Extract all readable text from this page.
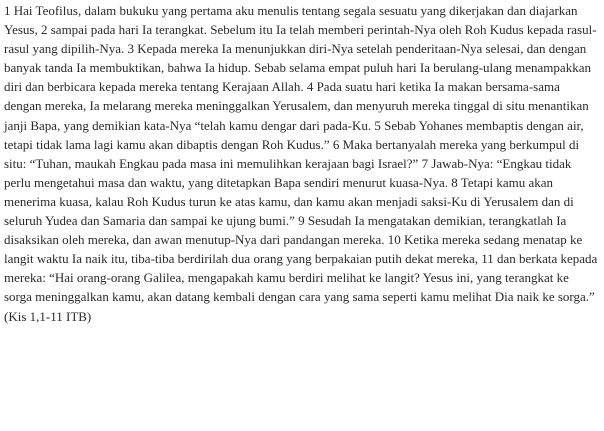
1 Hai Teofilus, dalam bukuku yang pertama aku menulis tentang segala sesuatu yang dikerjakan dan diajarkan Yesus, 2 sampai pada hari Ia terangkat. Sebelum itu Ia telah memberi perintah-Nya oleh Roh Kudus kepada rasul-rasul yang dipilih-Nya. 3 Kepada mereka Ia menunjukkan diri-Nya setelah penderitaan-Nya selesai, dan dengan banyak tanda Ia membuktikan, bahwa Ia hidup. Sebab selama empat puluh hari Ia berulang-ulang menampakkan diri dan berbicara kepada mereka tentang Kerajaan Allah. 4 Pada suatu hari ketika Ia makan bersama-sama dengan mereka, Ia melarang mereka meninggalkan Yerusalem, dan menyuruh mereka tinggal di situ menantikan janji Bapa, yang demikian kata-Nya “telah kamu dengar dari pada-Ku. 5 Sebab Yohanes membaptis dengan air, tetapi tidak lama lagi kamu akan dibaptis dengan Roh Kudus.” 6 Maka bertanyalah mereka yang berkumpul di situ: “Tuhan, maukah Engkau pada masa ini memulihkan kerajaan bagi Israel?” 7 Jawab-Nya: “Engkau tidak perlu mengetahui masa dan waktu, yang ditetapkan Bapa sendiri menurut kuasa-Nya. 8 Tetapi kamu akan menerima kuasa, kalau Roh Kudus turun ke atas kamu, dan kamu akan menjadi saksi-Ku di Yerusalem dan di seluruh Yudea dan Samaria dan sampai ke ujung bumi.” 9 Sesudah Ia mengatakan demikian, terangkatlah Ia disaksikan oleh mereka, dan awan menutup-Nya dari pandangan mereka. 10 Ketika mereka sedang menatap ke langit waktu Ia naik itu, tiba-tiba berdirilah dua orang yang berpakaian putih dekat mereka, 11 dan berkata kepada mereka: “Hai orang-orang Galilea, mengapakah kamu berdiri melihat ke langit? Yesus ini, yang terangkat ke sorga meninggalkan kamu, akan datang kembali dengan cara yang sama seperti kamu melihat Dia naik ke sorga.” (Kis 1,1-11 ITB)
